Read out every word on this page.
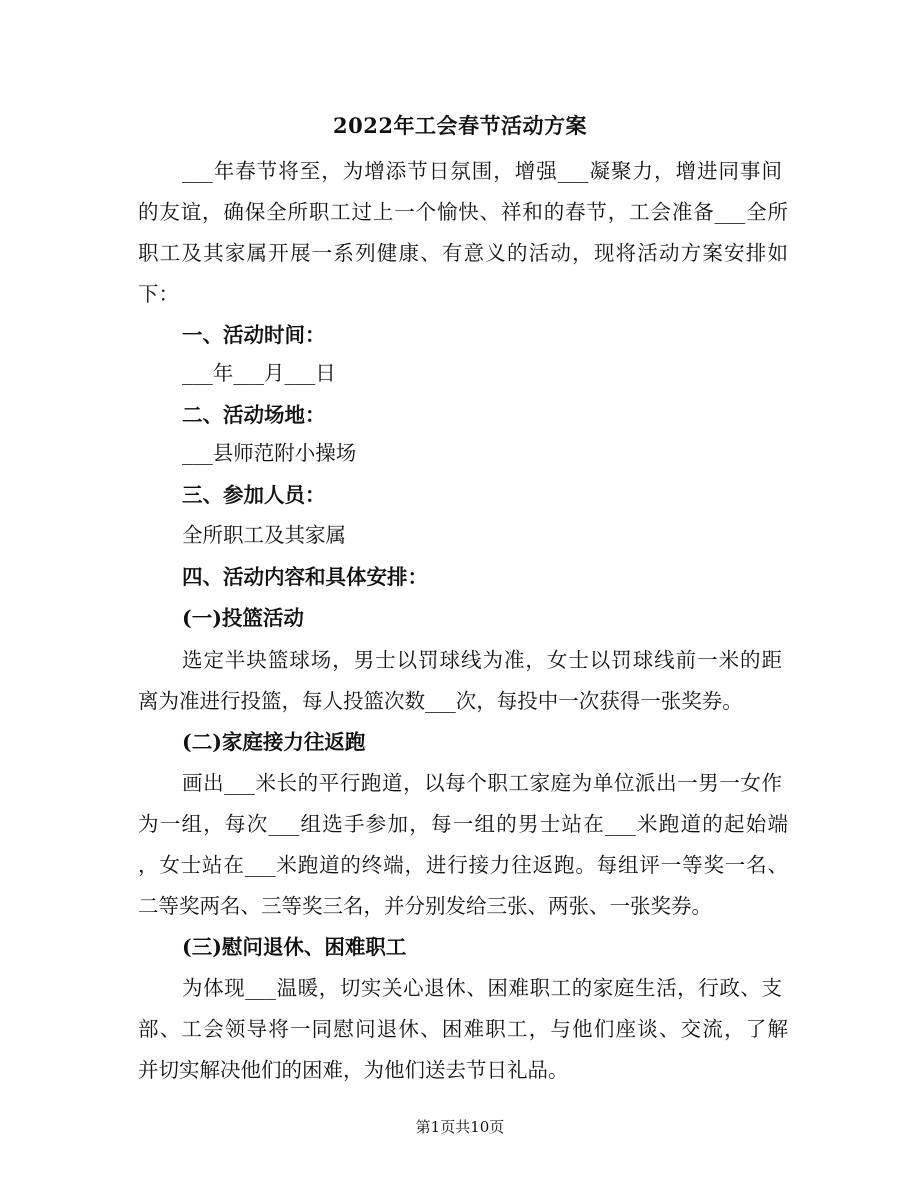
2022年工会春节活动方案
___年春节将至，为增添节日氛围，增强___凝聚力，增进同事间
的友谊，确保全所职工过上一个愉快、祥和的春节，工会准备___全所
职工及其家属开展一系列健康、有意义的活动，现将活动方案安排如
下：
一、活动时间：
___年___月___日
二、活动场地：
___县师范附小操场
三、参加人员：
全所职工及其家属
四、活动内容和具体安排：
(一)投篮活动
选定半块篮球场，男士以罚球线为准，女士以罚球线前一米的距
离为准进行投篮，每人投篮次数___次，每投中一次获得一张奖券。
(二)家庭接力往返跑
画出___米长的平行跑道，以每个职工家庭为单位派出一男一女作
为一组，每次___组选手参加，每一组的男士站在___米跑道的起始端
，女士站在___米跑道的终端，进行接力往返跑。每组评一等奖一名、
二等奖两名、三等奖三名，并分别发给三张、两张、一张奖券。
(三)慰问退休、困难职工
为体现___温暖，切实关心退休、困难职工的家庭生活，行政、支
部、工会领导将一同慰问退休、困难职工，与他们座谈、交流，了解
并切实解决他们的困难，为他们送去节日礼品。
第1页共10页
